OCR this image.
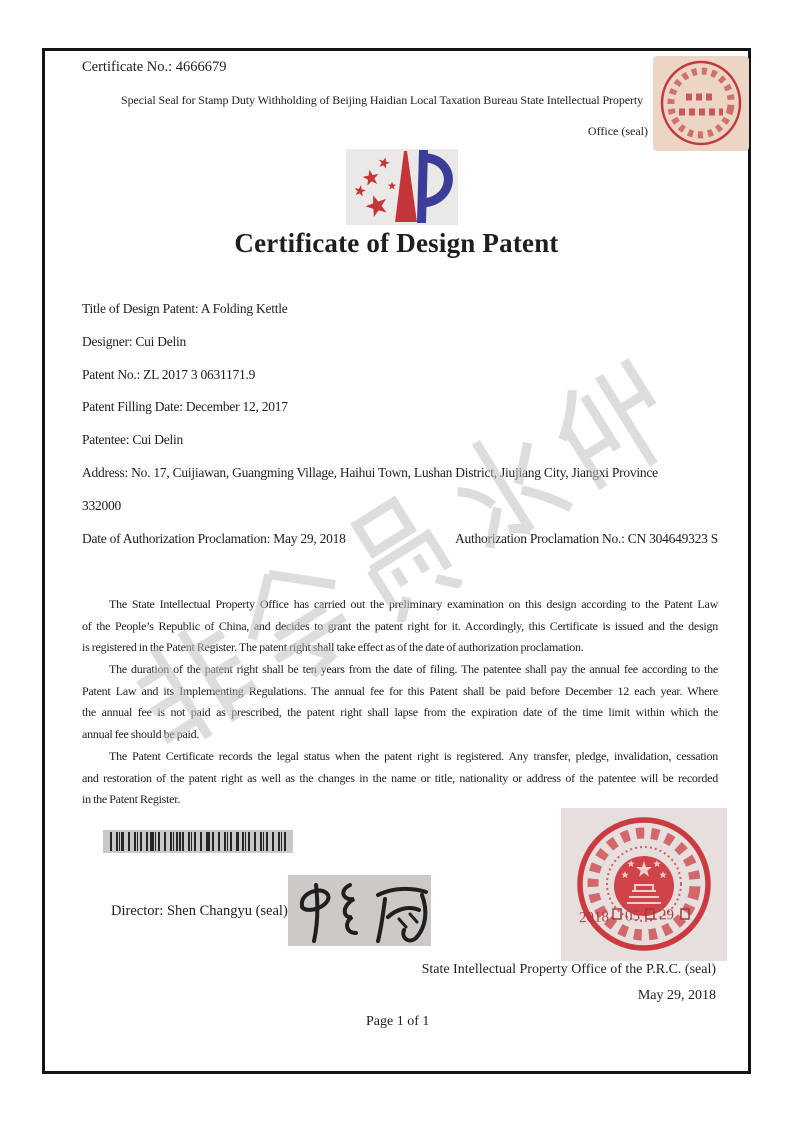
Certificate No.: 4666679
Special Seal for Stamp Duty Withholding of Beijing Haidian Local Taxation Bureau State Intellectual Property
Office (seal)
Certificate of Design Patent
Title of Design Patent: A Folding Kettle
Designer: Cui Delin
Patent No.: ZL 2017 3 0631171.9
Patent Filling Date: December 12, 2017
Patentee: Cui Delin
Address: No. 17, Cuijiawan, Guangming Village, Haihui Town, Lushan District, Jiujiang City, Jiangxi Province
332000
Date of Authorization Proclamation: May 29, 2018	Authorization Proclamation No.: CN 304649323 S
The State Intellectual Property Office has carried out the preliminary examination on this design according to the Patent Law
of the People’s Republic of China, and decides to grant the patent right for it. Accordingly, this Certificate is issued and the design
is registered in the Patent Register. The patent right shall take effect as of the date of authorization proclamation.
The duration of the patent right shall be ten years from the date of filing. The patentee shall pay the annual fee according to the
Patent Law and its Implementing Regulations. The annual fee for this Patent shall be paid before December 12 each year. Where
the annual fee is not paid as prescribed, the patent right shall lapse from the expiration date of the time limit within which the
annual fee should be paid.
The Patent Certificate records the legal status when the patent right is registered. Any transfer, pledge, invalidation, cessation
and restoration of the patent right as well as the changes in the name or title, nationality or address of the patentee will be recorded
in the Patent Register.
Director: Shen Changyu (seal)	2018 05 29
State Intellectual Property Office of the P.R.C. (seal)
May 29, 2018
Page 1 of 1
